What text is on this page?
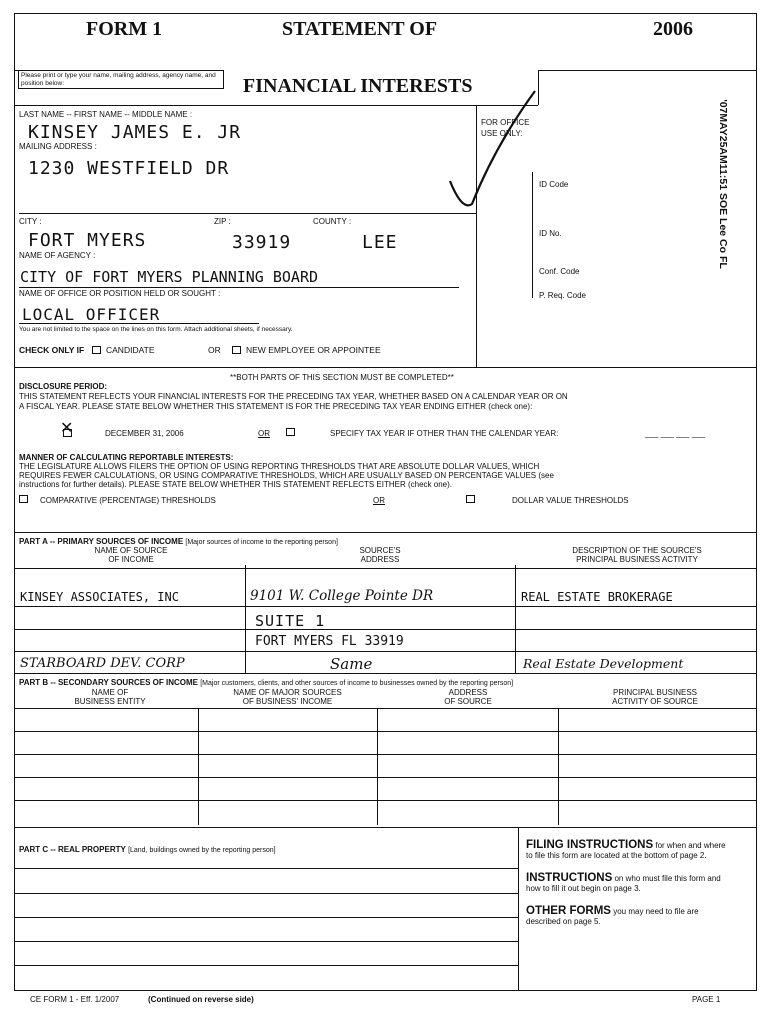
FORM 1	STATEMENT OF	2006
Please print or type your name, mailing address, agency name, and position below:	FINANCIAL INTERESTS
LAST NAME -- FIRST NAME -- MIDDLE NAME :
KINSEY JAMES E. JR
MAILING ADDRESS :
1230 WESTFIELD DR
CITY :	ZIP :	COUNTY :
FORT MYERS	33919	LEE
NAME OF AGENCY :
CITY OF FORT MYERS PLANNING BOARD
NAME OF OFFICE OR POSITION HELD OR SOUGHT :
LOCAL OFFICER
You are not limited to the space on the lines on this form. Attach additional sheets, if necessary.
CHECK ONLY IF	CANDIDATE	OR	NEW EMPLOYEE OR APPOINTEE
FOR OFFICE
USE ONLY:
ID Code
ID No.
Conf. Code
P. Req. Code
'07MAY25AM11:51 SOE Lee Co FL
**BOTH PARTS OF THIS SECTION MUST BE COMPLETED**
DISCLOSURE PERIOD:
THIS STATEMENT REFLECTS YOUR FINANCIAL INTERESTS FOR THE PRECEDING TAX YEAR, WHETHER BASED ON A CALENDAR YEAR OR ON
A FISCAL YEAR. PLEASE STATE BELOW WHETHER THIS STATEMENT IS FOR THE PRECEDING TAX YEAR ENDING EITHER (check one):
✕	DECEMBER 31, 2006	OR	SPECIFY TAX YEAR IF OTHER THAN THE CALENDAR YEAR:	___ ___ ___ ___
MANNER OF CALCULATING REPORTABLE INTERESTS:
THE LEGISLATURE ALLOWS FILERS THE OPTION OF USING REPORTING THRESHOLDS THAT ARE ABSOLUTE DOLLAR VALUES, WHICH
REQUIRES FEWER CALCULATIONS, OR USING COMPARATIVE THRESHOLDS, WHICH ARE USUALLY BASED ON PERCENTAGE VALUES (see
instructions for further details). PLEASE STATE BELOW WHETHER THIS STATEMENT REFLECTS EITHER (check one).
COMPARATIVE (PERCENTAGE) THRESHOLDS	OR	DOLLAR VALUE THRESHOLDS
PART A -- PRIMARY SOURCES OF INCOME [Major sources of income to the reporting person]
NAME OF SOURCE
OF INCOME
SOURCE'S
ADDRESS
DESCRIPTION OF THE SOURCE'S
PRINCIPAL BUSINESS ACTIVITY
KINSEY ASSOCIATES, INC	9101 W. College Pointe DR	REAL ESTATE BROKERAGE
SUITE 1
FORT MYERS FL 33919
STARBOARD DEV. CORP	Same	Real Estate Development
PART B -- SECONDARY SOURCES OF INCOME [Major customers, clients, and other sources of income to businesses owned by the reporting person]
NAME OF
BUSINESS ENTITY
NAME OF MAJOR SOURCES
OF BUSINESS' INCOME
ADDRESS
OF SOURCE
PRINCIPAL BUSINESS
ACTIVITY OF SOURCE
PART C -- REAL PROPERTY [Land, buildings owned by the reporting person]	FILING INSTRUCTIONS for when and where to file this form are located at the bottom of page 2.
INSTRUCTIONS on who must file this form and how to fill it out begin on page 3.
OTHER FORMS you may need to file are described on page 5.
CE FORM 1 - Eff. 1/2007	(Continued on reverse side)	PAGE 1
